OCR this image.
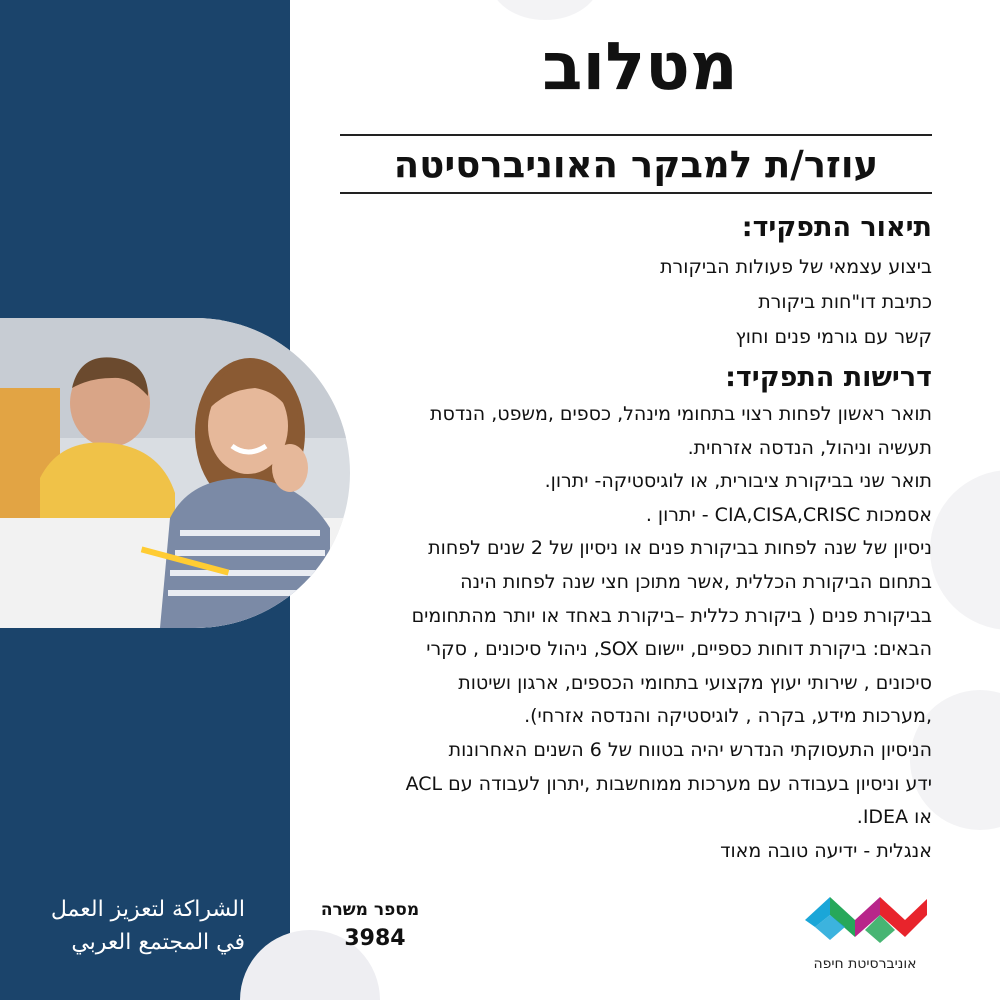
מטלוב
עוזר/ת למבקר האוניברסיטה
תיאור התפקיד:
ביצוע עצמאי של פעולות הביקורת
כתיבת דו"חות ביקורת
קשר עם גורמי פנים וחוץ
דרישות התפקיד:
תואר ראשון לפחות רצוי בתחומי מינהל, כספים ,משפט, הנדסת
תעשיה וניהול, הנדסה אזרחית.
תואר שני בביקורת ציבורית, או לוגיסטיקה- יתרון.
אסמכות CIA,CISA,CRISC - יתרון .
ניסיון של שנה לפחות בביקורת פנים או ניסיון של 2 שנים לפחות
בתחום הביקורת הכללית ,אשר מתוכן חצי שנה לפחות הינה
בביקורת פנים ( ביקורת כללית –ביקורת באחד או יותר מהתחומים
הבאים: ביקורת דוחות כספיים, יישום SOX, ניהול סיכונים , סקרי
סיכונים , שירותי יעוץ מקצועי בתחומי הכספים, ארגון ושיטות
,מערכות מידע, בקרה , לוגיסטיקה והנדסה אזרחי).
הניסיון התעסוקתי הנדרש יהיה בטווח של 6 השנים האחרונות
ידע וניסיון בעבודה עם מערכות ממוחשבות ,יתרון לעבודה עם ACL
או IDEA.
אנגלית - ידיעה טובה מאוד
الشراكة لتعزيز العمل
في المجتمع العربي
מספר משרה
3984
אוניברסיטת חיפה
